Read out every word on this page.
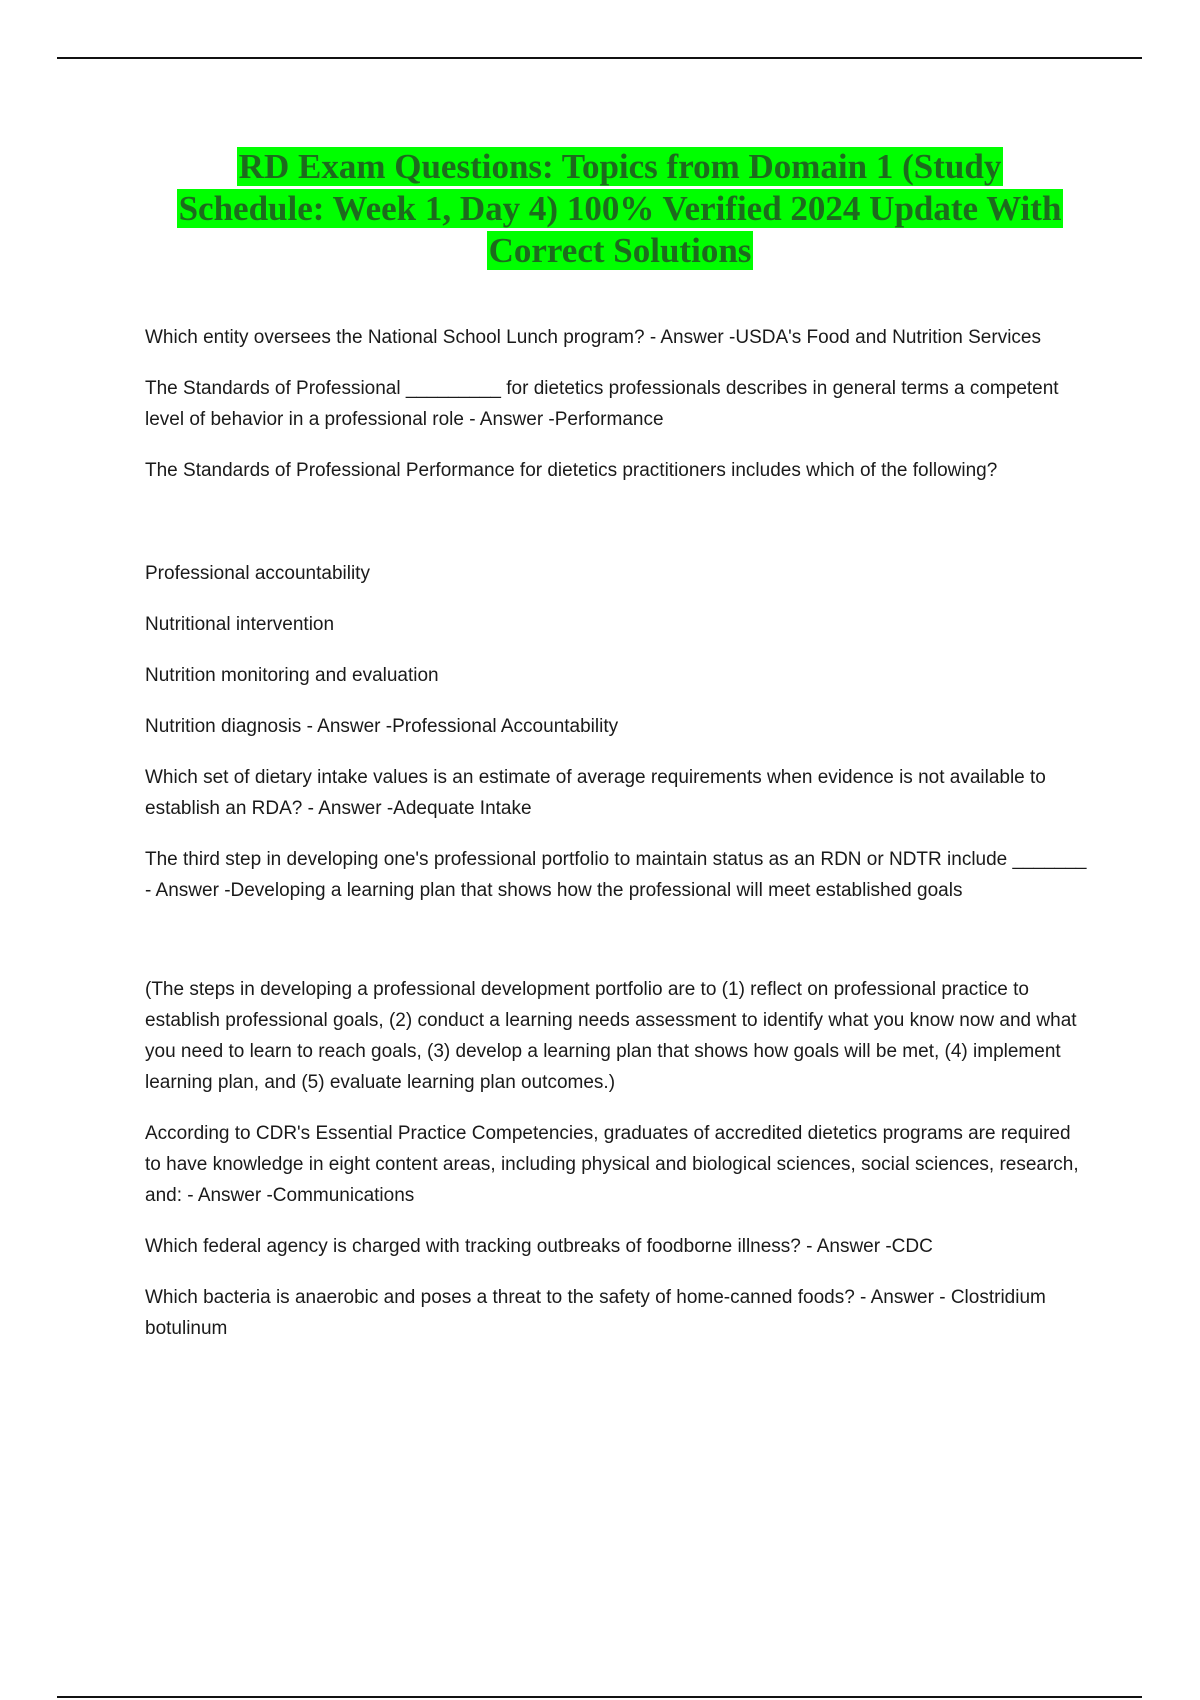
RD Exam Questions: Topics from Domain 1 (Study
Schedule: Week 1, Day 4) 100% Verified 2024 Update With
Correct Solutions

Which entity oversees the National School Lunch program? - Answer -USDA's Food and Nutrition Services

The Standards of Professional _________ for dietetics professionals describes in general terms a competent level of behavior in a professional role - Answer -Performance

The Standards of Professional Performance for dietetics practitioners includes which of the following?

Professional accountability

Nutritional intervention

Nutrition monitoring and evaluation

Nutrition diagnosis - Answer -Professional Accountability

Which set of dietary intake values is an estimate of average requirements when evidence is not available to establish an RDA? - Answer -Adequate Intake

The third step in developing one's professional portfolio to maintain status as an RDN or NDTR include _______ - Answer -Developing a learning plan that shows how the professional will meet established goals

(The steps in developing a professional development portfolio are to (1) reflect on professional practice to establish professional goals, (2) conduct a learning needs assessment to identify what you know now and what you need to learn to reach goals, (3) develop a learning plan that shows how goals will be met, (4) implement learning plan, and (5) evaluate learning plan outcomes.)

According to CDR's Essential Practice Competencies, graduates of accredited dietetics programs are required to have knowledge in eight content areas, including physical and biological sciences, social sciences, research, and: - Answer -Communications

Which federal agency is charged with tracking outbreaks of foodborne illness? - Answer -CDC

Which bacteria is anaerobic and poses a threat to the safety of home-canned foods? - Answer - Clostridium botulinum
